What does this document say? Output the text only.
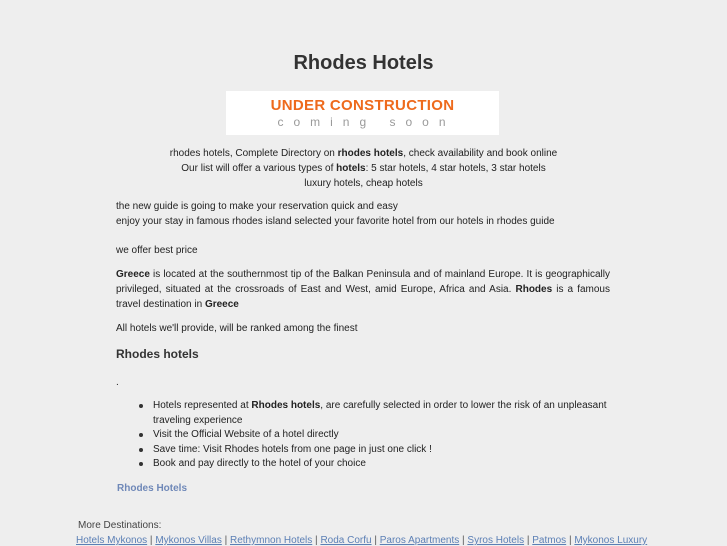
Rhodes Hotels
UNDER CONSTRUCTION
coming soon
rhodes hotels, Complete Directory on rhodes hotels, check availability and book online
Our list will offer a various types of hotels: 5 star hotels, 4 star hotels, 3 star hotels
luxury hotels, cheap hotels
the new guide is going to make your reservation quick and easy
enjoy your stay in famous rhodes island selected your favorite hotel from our hotels in rhodes guide
we offer best price
Greece is located at the southernmost tip of the Balkan Peninsula and of mainland Europe. It is geographically privileged, situated at the crossroads of East and West, amid Europe, Africa and Asia. Rhodes is a famous travel destination in Greece
All hotels we'll provide, will be ranked among the finest
Rhodes hotels
.
Hotels represented at Rhodes hotels, are carefully selected in order to lower the risk of an unpleasant traveling experience
Visit the Official Website of a hotel directly
Save time: Visit Rhodes hotels from one page in just one click !
Book and pay directly to the hotel of your choice
Rhodes Hotels
More Destinations:
Hotels Mykonos | Mykonos Villas | Rethymnon Hotels | Roda Corfu | Paros Apartments | Syros Hotels | Patmos | Mykonos Luxury
